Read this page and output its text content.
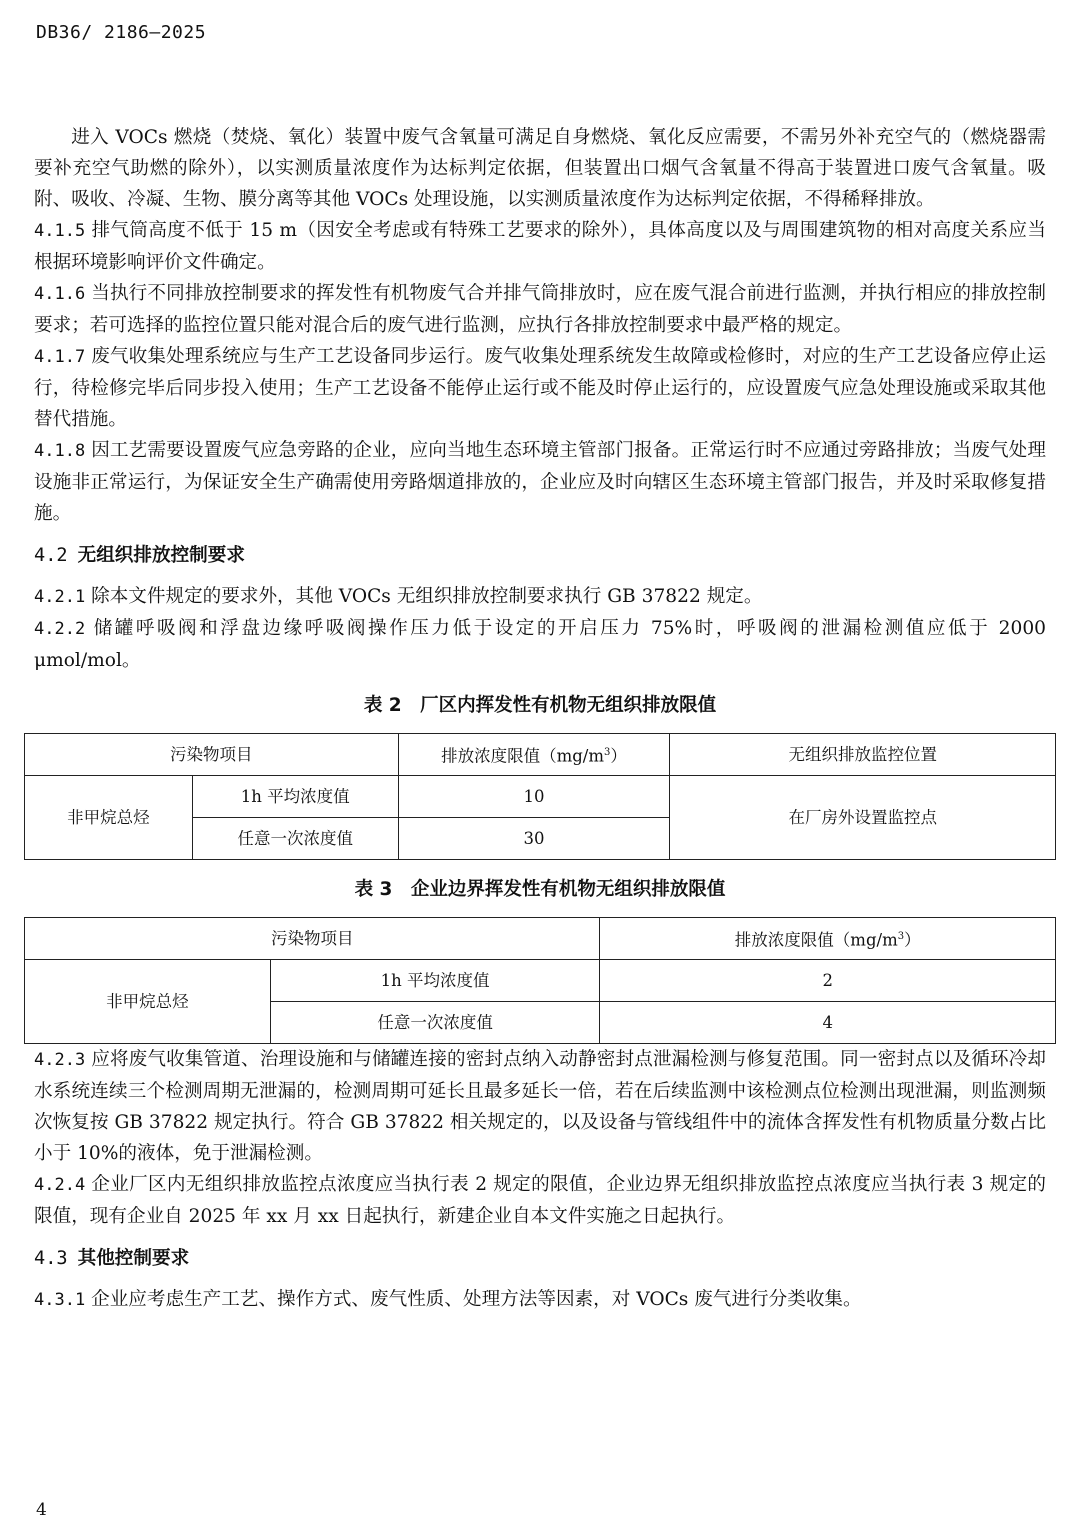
DB36/ 2186—2025

进入 VOCs 燃烧（焚烧、氧化）装置中废气含氧量可满足自身燃烧、氧化反应需要，不需另外补充空气的（燃烧器需要补充空气助燃的除外），以实测质量浓度作为达标判定依据，但装置出口烟气含氧量不得高于装置进口废气含氧量。吸附、吸收、冷凝、生物、膜分离等其他 VOCs 处理设施，以实测质量浓度作为达标判定依据，不得稀释排放。

4.1.5 排气筒高度不低于 15 m（因安全考虑或有特殊工艺要求的除外），具体高度以及与周围建筑物的相对高度关系应当根据环境影响评价文件确定。

4.1.6 当执行不同排放控制要求的挥发性有机物废气合并排气筒排放时，应在废气混合前进行监测，并执行相应的排放控制要求；若可选择的监控位置只能对混合后的废气进行监测，应执行各排放控制要求中最严格的规定。

4.1.7 废气收集处理系统应与生产工艺设备同步运行。废气收集处理系统发生故障或检修时，对应的生产工艺设备应停止运行，待检修完毕后同步投入使用；生产工艺设备不能停止运行或不能及时停止运行的，应设置废气应急处理设施或采取其他替代措施。

4.1.8 因工艺需要设置废气应急旁路的企业，应向当地生态环境主管部门报备。正常运行时不应通过旁路排放；当废气处理设施非正常运行，为保证安全生产确需使用旁路烟道排放的，企业应及时向辖区生态环境主管部门报告，并及时采取修复措施。

4.2 无组织排放控制要求

4.2.1 除本文件规定的要求外，其他 VOCs 无组织排放控制要求执行 GB 37822 规定。

4.2.2 储罐呼吸阀和浮盘边缘呼吸阀操作压力低于设定的开启压力 75%时，呼吸阀的泄漏检测值应低于 2000 μmol/mol。

表 2　厂区内挥发性有机物无组织排放限值
污染物项目		排放浓度限值$(mg/m^3)$	无组织排放监控位置
非甲烷总烃	1h 平均浓度值	10	在厂房外设置监控点
	任意一次浓度值	30	
表 3　企业边界挥发性有机物无组织排放限值
污染物项目		排放浓度限值$(mg/m^3)$
非甲烷总烃	1h 平均浓度值	2
	任意一次浓度值	4

4.2.3 应将废气收集管道、治理设施和与储罐连接的密封点纳入动静密封点泄漏检测与修复范围。同一密封点以及循环冷却水系统连续三个检测周期无泄漏的，检测周期可延长且最多延长一倍，若在后续监测中该检测点位检测出现泄漏，则监测频次恢复按 GB 37822 规定执行。符合 GB 37822 相关规定的，以及设备与管线组件中的流体含挥发性有机物质量分数占比小于 10%的液体，免于泄漏检测。

4.2.4 企业厂区内无组织排放监控点浓度应当执行表 2 规定的限值，企业边界无组织排放监控点浓度应当执行表 3 规定的限值，现有企业自 2025 年 xx 月 xx 日起执行，新建企业自本文件实施之日起执行。

4.3 其他控制要求

4.3.1 企业应考虑生产工艺、操作方式、废气性质、处理方法等因素，对 VOCs 废气进行分类收集。

4
